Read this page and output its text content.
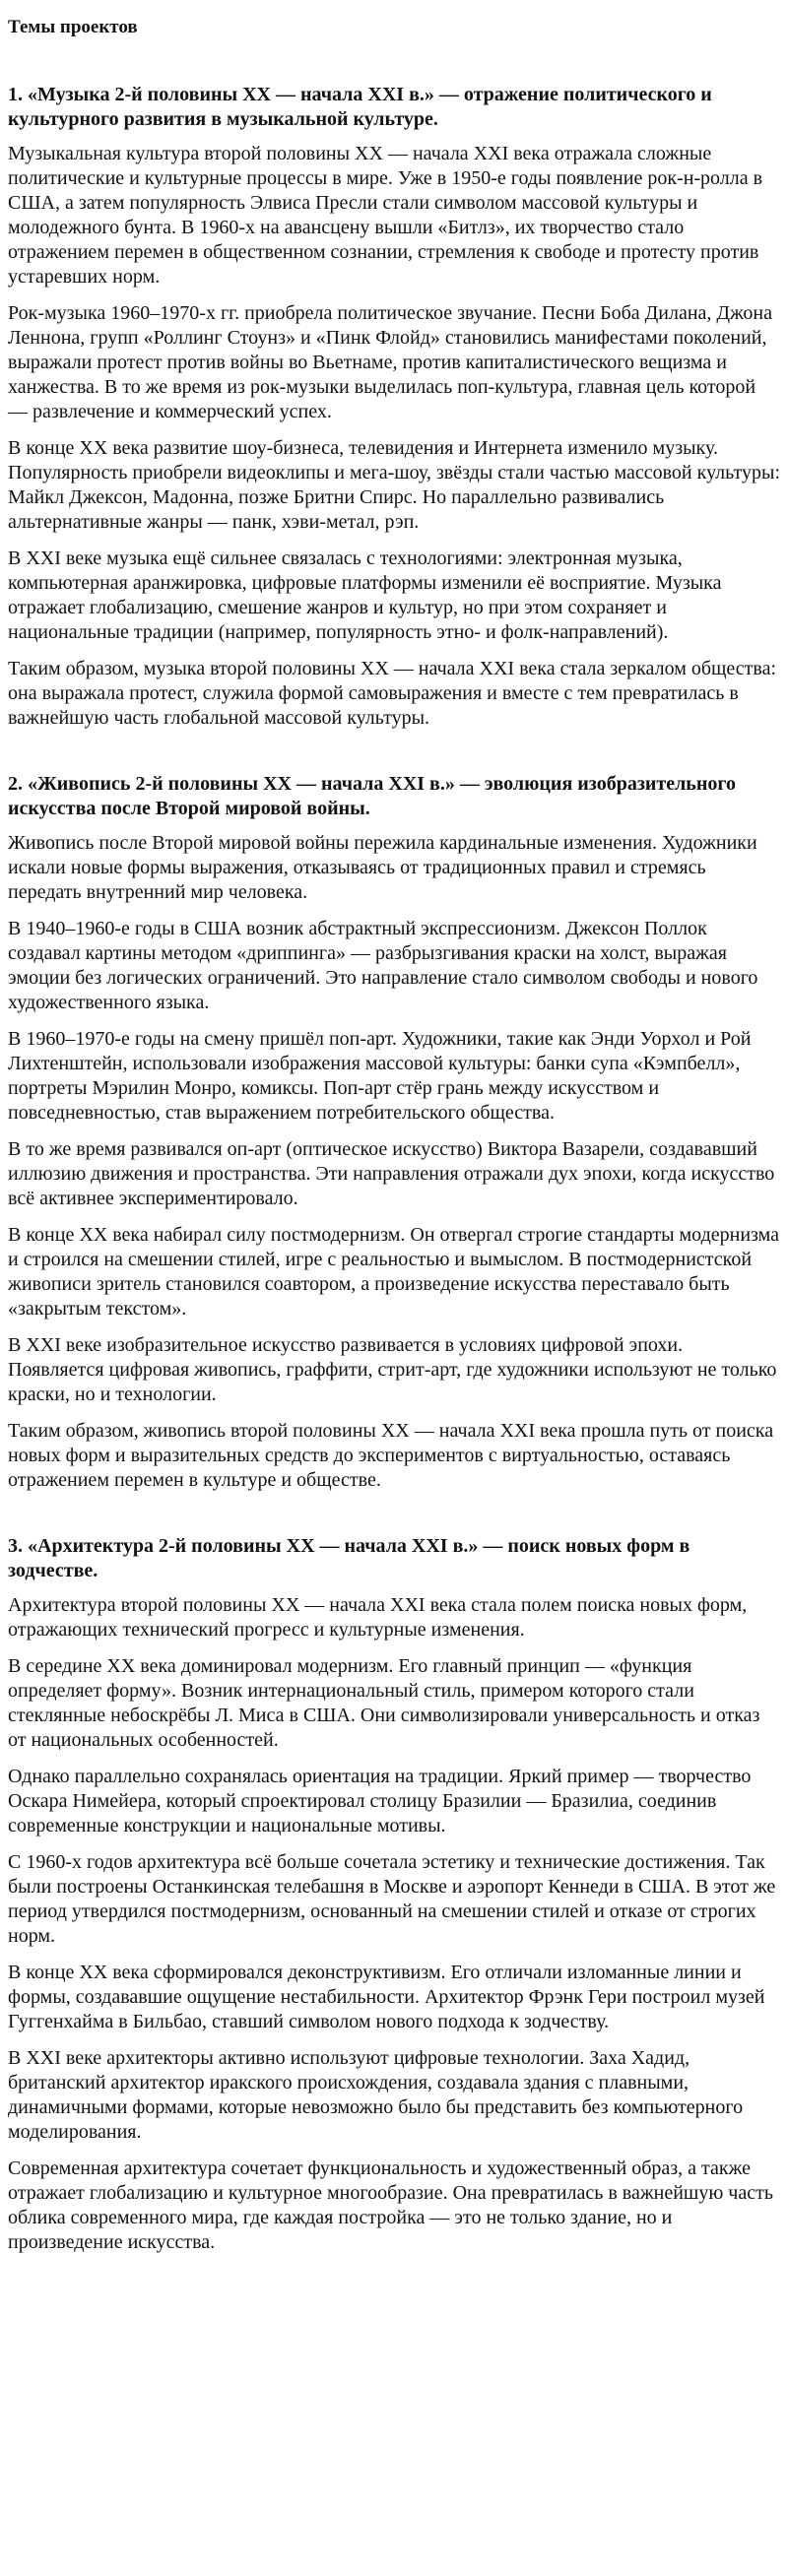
Темы проектов
1. «Музыка 2-й половины XX — начала XXI в.» — отражение политического и культурного развития в музыкальной культуре.

Музыкальная культура второй половины XX — начала XXI века отражала сложные политические и культурные процессы в мире. Уже в 1950-е годы появление рок-н-ролла в США, а затем популярность Элвиса Пресли стали символом массовой культуры и молодежного бунта. В 1960-х на авансцену вышли «Битлз», их творчество стало отражением перемен в общественном сознании, стремления к свободе и протесту против устаревших норм.

Рок-музыка 1960–1970-х гг. приобрела политическое звучание. Песни Боба Дилана, Джона Леннона, групп «Роллинг Стоунз» и «Пинк Флойд» становились манифестами поколений, выражали протест против войны во Вьетнаме, против капиталистического вещизма и ханжества. В то же время из рок-музыки выделилась поп-культура, главная цель которой — развлечение и коммерческий успех.

В конце XX века развитие шоу-бизнеса, телевидения и Интернета изменило музыку. Популярность приобрели видеоклипы и мега-шоу, звёзды стали частью массовой культуры: Майкл Джексон, Мадонна, позже Бритни Спирс. Но параллельно развивались альтернативные жанры — панк, хэви-метал, рэп.

В XXI веке музыка ещё сильнее связалась с технологиями: электронная музыка, компьютерная аранжировка, цифровые платформы изменили её восприятие. Музыка отражает глобализацию, смешение жанров и культур, но при этом сохраняет и национальные традиции (например, популярность этно- и фолк-направлений).

Таким образом, музыка второй половины XX — начала XXI века стала зеркалом общества: она выражала протест, служила формой самовыражения и вместе с тем превратилась в важнейшую часть глобальной массовой культуры.

2. «Живопись 2-й половины XX — начала XXI в.» — эволюция изобразительного искусства после Второй мировой войны.

Живопись после Второй мировой войны пережила кардинальные изменения. Художники искали новые формы выражения, отказываясь от традиционных правил и стремясь передать внутренний мир человека.

В 1940–1960-е годы в США возник абстрактный экспрессионизм. Джексон Поллок создавал картины методом «дриппинга» — разбрызгивания краски на холст, выражая эмоции без логических ограничений. Это направление стало символом свободы и нового художественного языка.

В 1960–1970-е годы на смену пришёл поп-арт. Художники, такие как Энди Уорхол и Рой Лихтенштейн, использовали изображения массовой культуры: банки супа «Кэмпбелл», портреты Мэрилин Монро, комиксы. Поп-арт стёр грань между искусством и повседневностью, став выражением потребительского общества.

В то же время развивался оп-арт (оптическое искусство) Виктора Вазарели, создававший иллюзию движения и пространства. Эти направления отражали дух эпохи, когда искусство всё активнее экспериментировало.

В конце XX века набирал силу постмодернизм. Он отвергал строгие стандарты модернизма и строился на смешении стилей, игре с реальностью и вымыслом. В постмодернистской живописи зритель становился соавтором, а произведение искусства переставало быть «закрытым текстом».

В XXI веке изобразительное искусство развивается в условиях цифровой эпохи. Появляется цифровая живопись, граффити, стрит-арт, где художники используют не только краски, но и технологии.

Таким образом, живопись второй половины XX — начала XXI века прошла путь от поиска новых форм и выразительных средств до экспериментов с виртуальностью, оставаясь отражением перемен в культуре и обществе.

3. «Архитектура 2-й половины XX — начала XXI в.» — поиск новых форм в зодчестве.

Архитектура второй половины XX — начала XXI века стала полем поиска новых форм, отражающих технический прогресс и культурные изменения.

В середине XX века доминировал модернизм. Его главный принцип — «функция определяет форму». Возник интернациональный стиль, примером которого стали стеклянные небоскрёбы Л. Миса в США. Они символизировали универсальность и отказ от национальных особенностей.

Однако параллельно сохранялась ориентация на традиции. Яркий пример — творчество Оскара Нимейера, который спроектировал столицу Бразилии — Бразилиа, соединив современные конструкции и национальные мотивы.

С 1960-х годов архитектура всё больше сочетала эстетику и технические достижения. Так были построены Останкинская телебашня в Москве и аэропорт Кеннеди в США. В этот же период утвердился постмодернизм, основанный на смешении стилей и отказе от строгих норм.

В конце XX века сформировался деконструктивизм. Его отличали изломанные линии и формы, создававшие ощущение нестабильности. Архитектор Фрэнк Гери построил музей Гуггенхайма в Бильбао, ставший символом нового подхода к зодчеству.

В XXI веке архитекторы активно используют цифровые технологии. Заха Хадид, британский архитектор иракского происхождения, создавала здания с плавными, динамичными формами, которые невозможно было бы представить без компьютерного моделирования.

Современная архитектура сочетает функциональность и художественный образ, а также отражает глобализацию и культурное многообразие. Она превратилась в важнейшую часть облика современного мира, где каждая постройка — это не только здание, но и произведение искусства.
